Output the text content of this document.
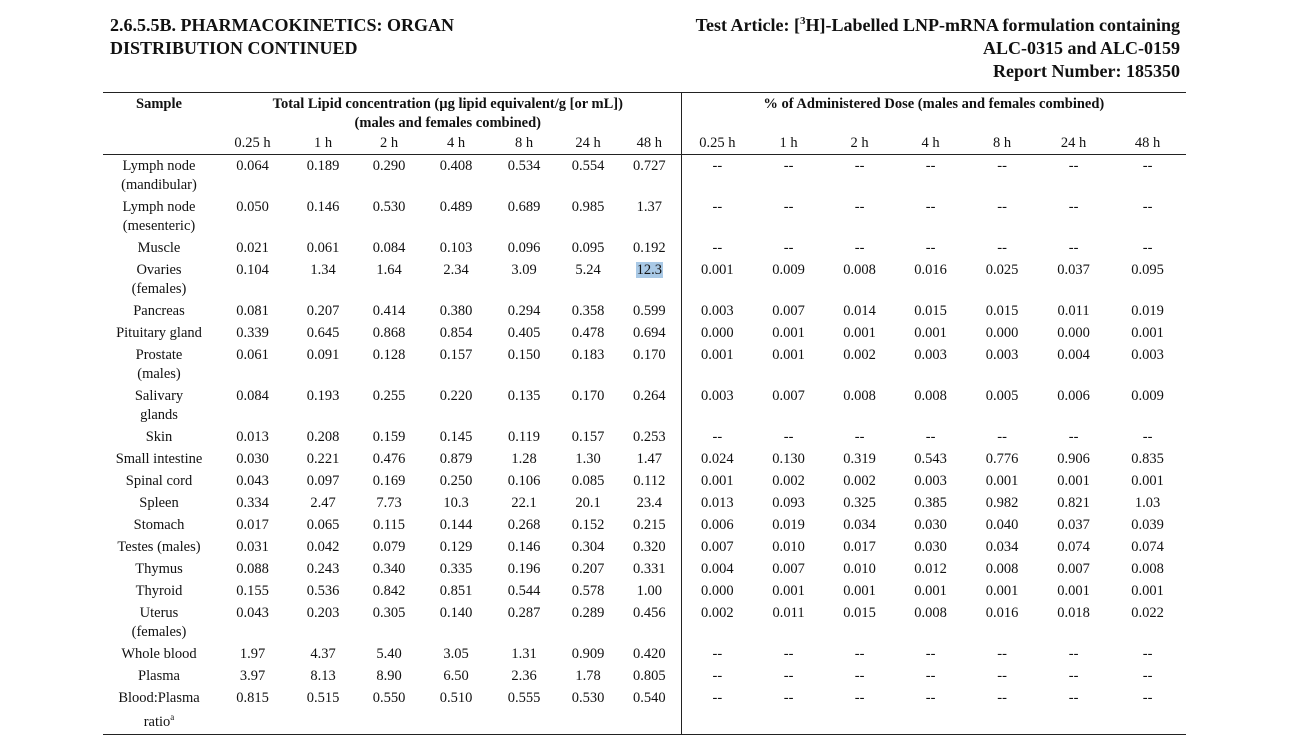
2.6.5.5B. PHARMACOKINETICS: ORGAN
DISTRIBUTION CONTINUED
Test Article: [$^3$H]-Labelled LNP-mRNA formulation containing
ALC-0315 and ALC-0159
Report Number: 185350
Sample	Total Lipid concentration (µg lipid equivalent/g [or mL])
(males and females combined)							% of Administered Dose (males and females combined)						
	0.25 h	1 h	2 h	4 h	8 h	24 h	48 h	0.25 h	1 h	2 h	4 h	8 h	24 h	48 h

Lymph node
(mandibular)	0.064	0.189	0.290	0.408	0.534	0.554	0.727	--	--	--	--	--	--	--

Lymph node
(mesenteric)	0.050	0.146	0.530	0.489	0.689	0.985	1.37	--	--	--	--	--	--	--

Muscle	0.021	0.061	0.084	0.103	0.096	0.095	0.192	--	--	--	--	--	--	--

Ovaries
(females)	0.104	1.34	1.64	2.34	3.09	5.24	12.3	0.001	0.009	0.008	0.016	0.025	0.037	0.095

Pancreas	0.081	0.207	0.414	0.380	0.294	0.358	0.599	0.003	0.007	0.014	0.015	0.015	0.011	0.019

Pituitary gland	0.339	0.645	0.868	0.854	0.405	0.478	0.694	0.000	0.001	0.001	0.001	0.000	0.000	0.001

Prostate
(males)	0.061	0.091	0.128	0.157	0.150	0.183	0.170	0.001	0.001	0.002	0.003	0.003	0.004	0.003

Salivary
glands	0.084	0.193	0.255	0.220	0.135	0.170	0.264	0.003	0.007	0.008	0.008	0.005	0.006	0.009

Skin	0.013	0.208	0.159	0.145	0.119	0.157	0.253	--	--	--	--	--	--	--

Small intestine	0.030	0.221	0.476	0.879	1.28	1.30	1.47	0.024	0.130	0.319	0.543	0.776	0.906	0.835

Spinal cord	0.043	0.097	0.169	0.250	0.106	0.085	0.112	0.001	0.002	0.002	0.003	0.001	0.001	0.001

Spleen	0.334	2.47	7.73	10.3	22.1	20.1	23.4	0.013	0.093	0.325	0.385	0.982	0.821	1.03

Stomach	0.017	0.065	0.115	0.144	0.268	0.152	0.215	0.006	0.019	0.034	0.030	0.040	0.037	0.039

Testes (males)	0.031	0.042	0.079	0.129	0.146	0.304	0.320	0.007	0.010	0.017	0.030	0.034	0.074	0.074

Thymus	0.088	0.243	0.340	0.335	0.196	0.207	0.331	0.004	0.007	0.010	0.012	0.008	0.007	0.008

Thyroid	0.155	0.536	0.842	0.851	0.544	0.578	1.00	0.000	0.001	0.001	0.001	0.001	0.001	0.001

Uterus
(females)	0.043	0.203	0.305	0.140	0.287	0.289	0.456	0.002	0.011	0.015	0.008	0.016	0.018	0.022

Whole blood	1.97	4.37	5.40	3.05	1.31	0.909	0.420	--	--	--	--	--	--	--

Plasma	3.97	8.13	8.90	6.50	2.36	1.78	0.805	--	--	--	--	--	--	--

Blood:Plasma
ratio$^a$	0.815	0.515	0.550	0.510	0.555	0.530	0.540	--	--	--	--	--	--	--
